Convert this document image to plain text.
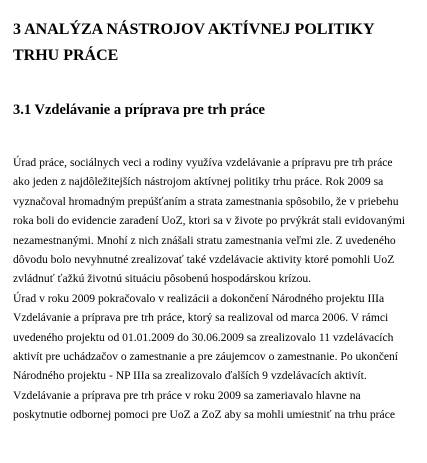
3 ANALÝZA NÁSTROJOV AKTÍVNEJ POLITIKY
TRHU PRÁCE
3.1 Vzdelávanie a príprava pre trh práce
Úrad práce, sociálnych veci a rodiny využíva vzdelávanie a prípravu pre trh práce
ako jeden z najdôležitejších nástrojom aktívnej politiky trhu práce. Rok 2009 sa
vyznačoval hromadným prepúšťaním a strata zamestnania spôsobilo, že v priebehu
roka boli do evidencie zaradení UoZ, ktori sa v živote po prvýkrát stali evidovanými
nezamestnanými. Mnohí z nich znášali stratu zamestnania veľmi zle. Z uvedeného
dôvodu bolo nevyhnutné zrealizovať také vzdelávacie aktivity ktoré pomohli UoZ
zvládnuť ťažkú životnú situáciu pôsobenú hospodárskou krízou.
Úrad v roku 2009 pokračovalo v realizácii a dokončení Národného projektu IIIa
Vzdelávanie a príprava pre trh práce, ktorý sa realizoval od marca 2006. V rámci
uvedeného projektu od 01.01.2009 do 30.06.2009 sa zrealizovalo 11 vzdelávacích
aktivít pre uchádzačov o zamestnanie a pre záujemcov o zamestnanie. Po ukončení
Národného projektu - NP IIIa sa zrealizovalo ďalších 9 vzdelávacích aktivít.
Vzdelávanie a príprava pre trh práce v roku 2009 sa zameriavalo hlavne na
poskytnutie odbornej pomoci pre UoZ a ZoZ aby sa mohli umiestniť na trhu práce
